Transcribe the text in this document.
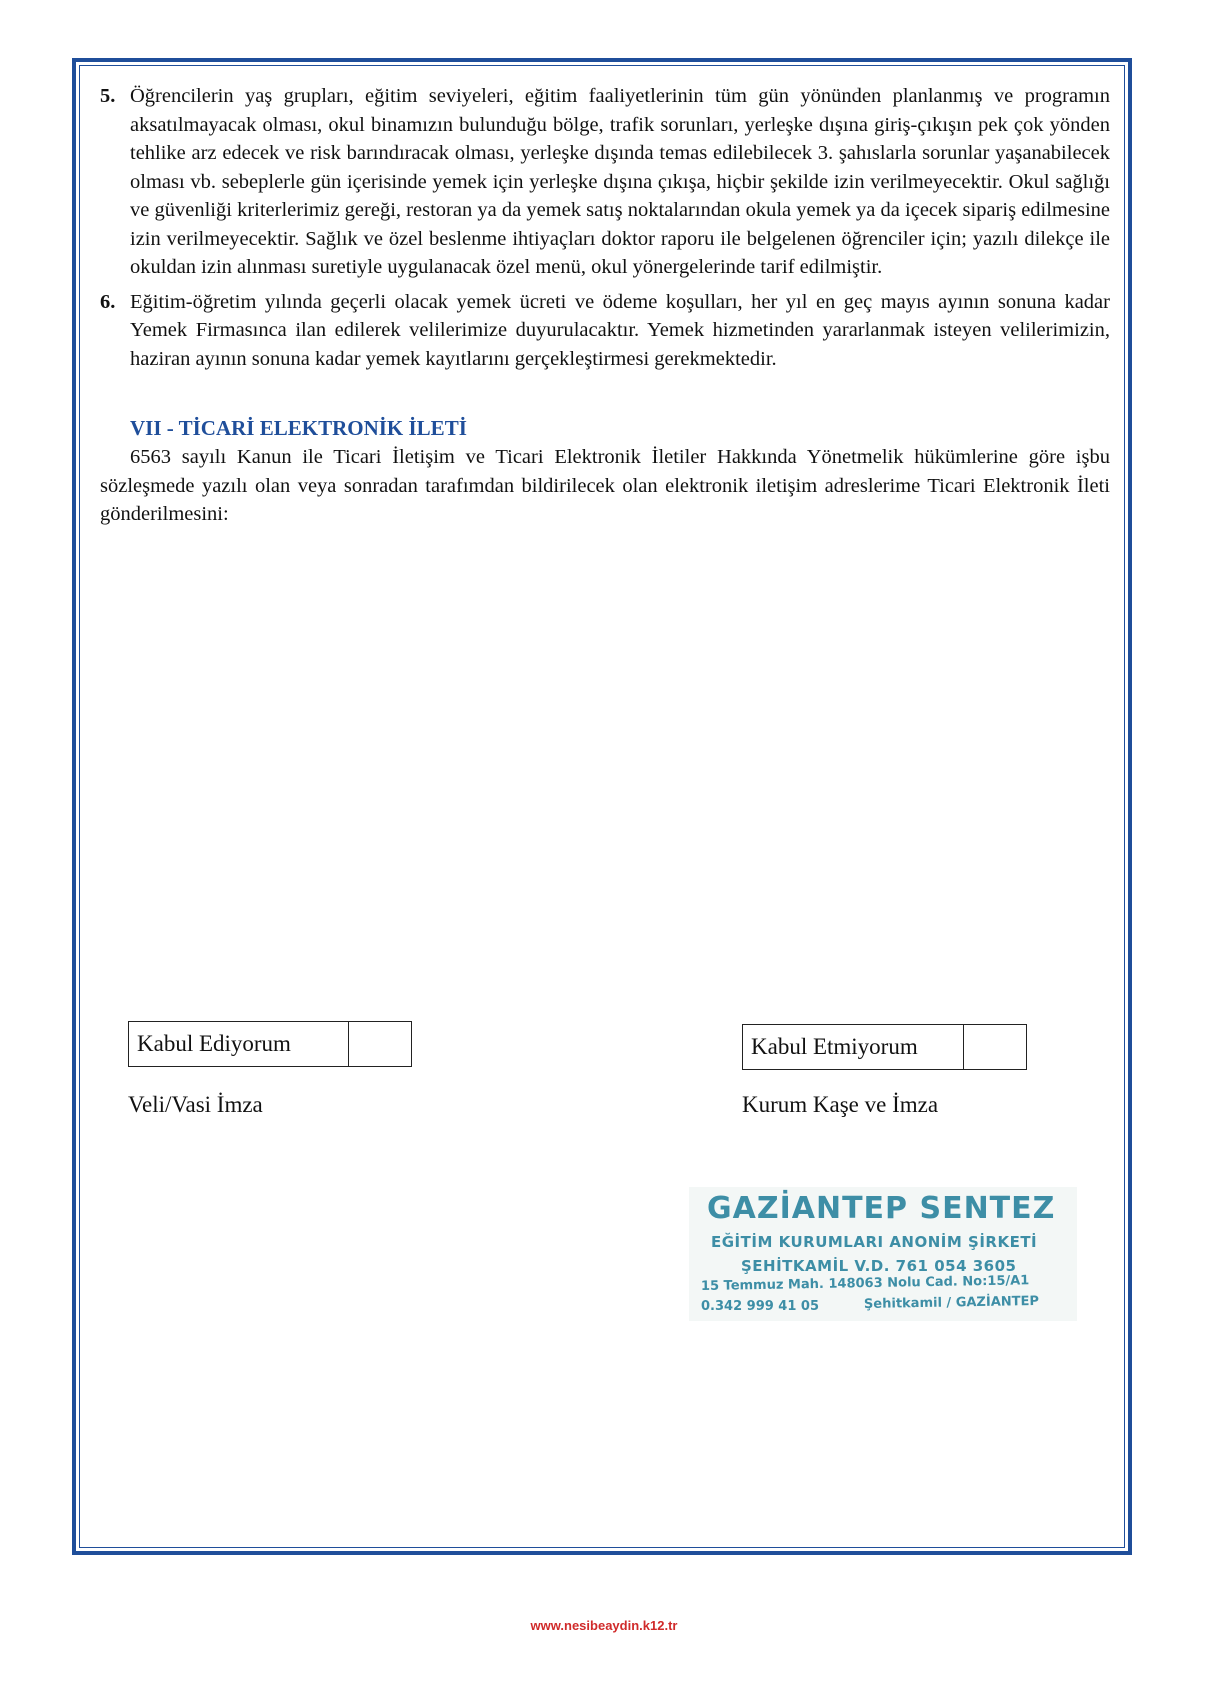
5. Öğrencilerin yaş grupları, eğitim seviyeleri, eğitim faaliyetlerinin tüm gün yönünden planlanmış ve programın aksatılmayacak olması, okul binamızın bulunduğu bölge, trafik sorunları, yerleşke dışına giriş-çıkışın pek çok yönden tehlike arz edecek ve risk barındıracak olması, yerleşke dışında temas edilebilecek 3. şahıslarla sorunlar yaşanabilecek olması vb. sebeplerle gün içerisinde yemek için yerleşke dışına çıkışa, hiçbir şekilde izin verilmeyecektir. Okul sağlığı ve güvenliği kriterlerimiz gereği, restoran ya da yemek satış noktalarından okula yemek ya da içecek sipariş edilmesine izin verilmeyecektir. Sağlık ve özel beslenme ihtiyaçları doktor raporu ile belgelenen öğrenciler için; yazılı dilekçe ile okuldan izin alınması suretiyle uygulanacak özel menü, okul yönergelerinde tarif edilmiştir.
6. Eğitim-öğretim yılında geçerli olacak yemek ücreti ve ödeme koşulları, her yıl en geç mayıs ayının sonuna kadar Yemek Firmasınca ilan edilerek velilerimize duyurulacaktır. Yemek hizmetinden yararlanmak isteyen velilerimizin, haziran ayının sonuna kadar yemek kayıtlarını gerçekleştirmesi gerekmektedir.
VII - TİCARİ ELEKTRONİK İLETİ
6563 sayılı Kanun ile Ticari İletişim ve Ticari Elektronik İletiler Hakkında Yönetmelik hükümlerine göre işbu sözleşmede yazılı olan veya sonradan tarafımdan bildirilecek olan elektronik iletişim adreslerime Ticari Elektronik İleti gönderilmesini:
Kabul Ediyorum	Kabul Etmiyorum
Veli/Vasi İmza	Kurum Kaşe ve İmza
GAZİANTEP SENTEZ
EĞİTİM KURUMLARI ANONİM ŞİRKETİ
ŞEHİTKAMİL V.D. 761 054 3605
15 Temmuz Mah. 148063 Nolu Cad. No:15/A1
0.342 999 41 05	Şehitkamil / GAZİANTEP
www.nesibeaydin.k12.tr
